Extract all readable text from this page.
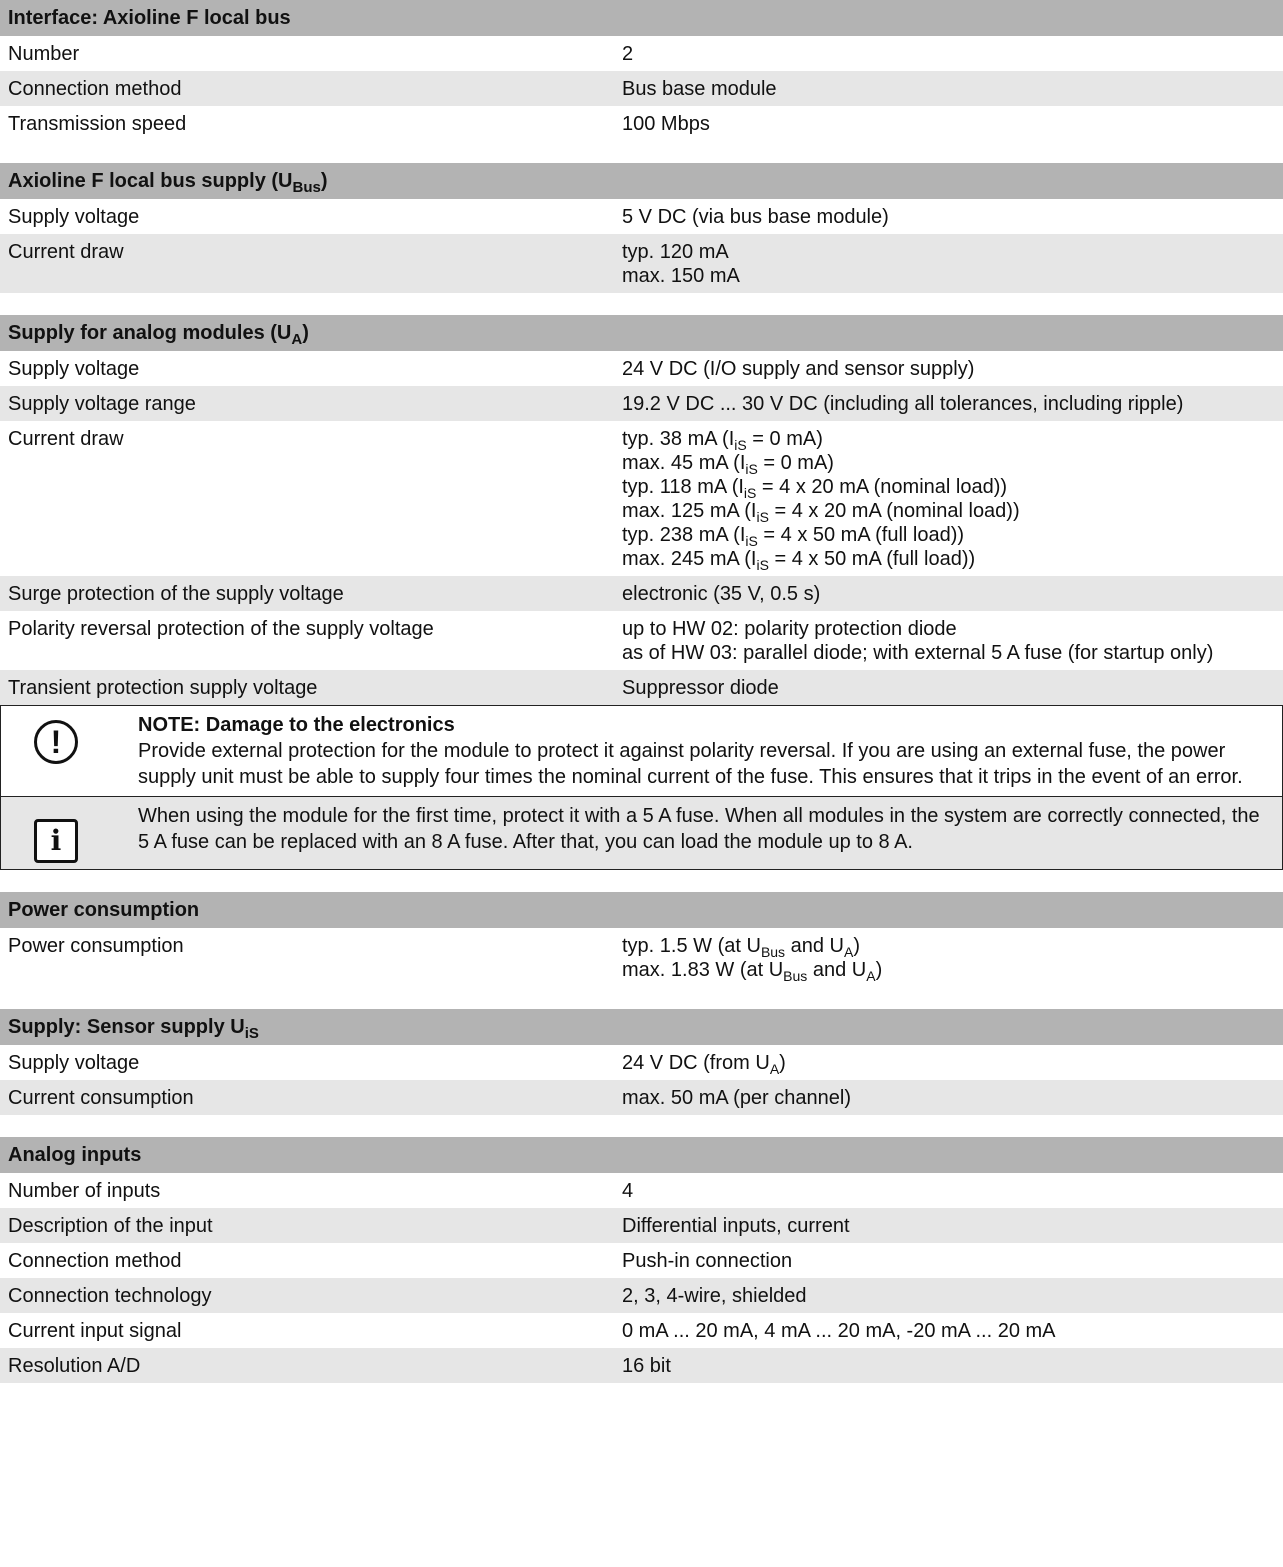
Interface: Axioline F local bus
Number	2
Connection method	Bus base module
Transmission speed	100 Mbps
Axioline F local bus supply $(U_{Bus})$
Supply voltage	5 V DC (via bus base module)
Current draw	typ. 120 mA
max. 150 mA
Supply for analog modules $(U_A)$
Supply voltage	24 V DC (I/O supply and sensor supply)
Supply voltage range	19.2 V DC ... 30 V DC (including all tolerances, including ripple)
Current draw	typ. 38 mA ($I_{iS} = 0$ mA)
max. 45 mA ($I_{iS} = 0$ mA)
typ. 118 mA ($I_{iS} = 4$ x 20 mA (nominal load))
max. 125 mA ($I_{iS} = 4$ x 20 mA (nominal load))
typ. 238 mA ($I_{iS} = 4$ x 50 mA (full load))
max. 245 mA ($I_{iS} = 4$ x 50 mA (full load))
Surge protection of the supply voltage	electronic (35 V, 0.5 s)
Polarity reversal protection of the supply voltage	up to HW 02: polarity protection diode
as of HW 03: parallel diode; with external 5 A fuse (for startup only)
Transient protection supply voltage	Suppressor diode
!	NOTE: Damage to the electronics
Provide external protection for the module to protect it against polarity reversal. If you are using an external fuse, the power supply unit must be able to supply four times the nominal current of the fuse. This ensures that it trips in the event of an error.
i
When using the module for the first time, protect it with a 5 A fuse. When all modules in the system are correctly connected, the 5 A fuse can be replaced with an 8 A fuse. After that, you can load the module up to 8 A.
Power consumption
Power consumption	typ. 1.5 W (at $U_{Bus}$ and $U_A$)
max. 1.83 W (at $U_{Bus}$ and $U_A$)
Supply: Sensor supply $U_{iS}$
Supply voltage	24 V DC (from $U_A$)
Current consumption	max. 50 mA (per channel)
Analog inputs
Number of inputs	4
Description of the input	Differential inputs, current
Connection method	Push-in connection
Connection technology	2, 3, 4-wire, shielded
Current input signal	0 mA ... 20 mA, 4 mA ... 20 mA, -20 mA ... 20 mA
Resolution A/D	16 bit
